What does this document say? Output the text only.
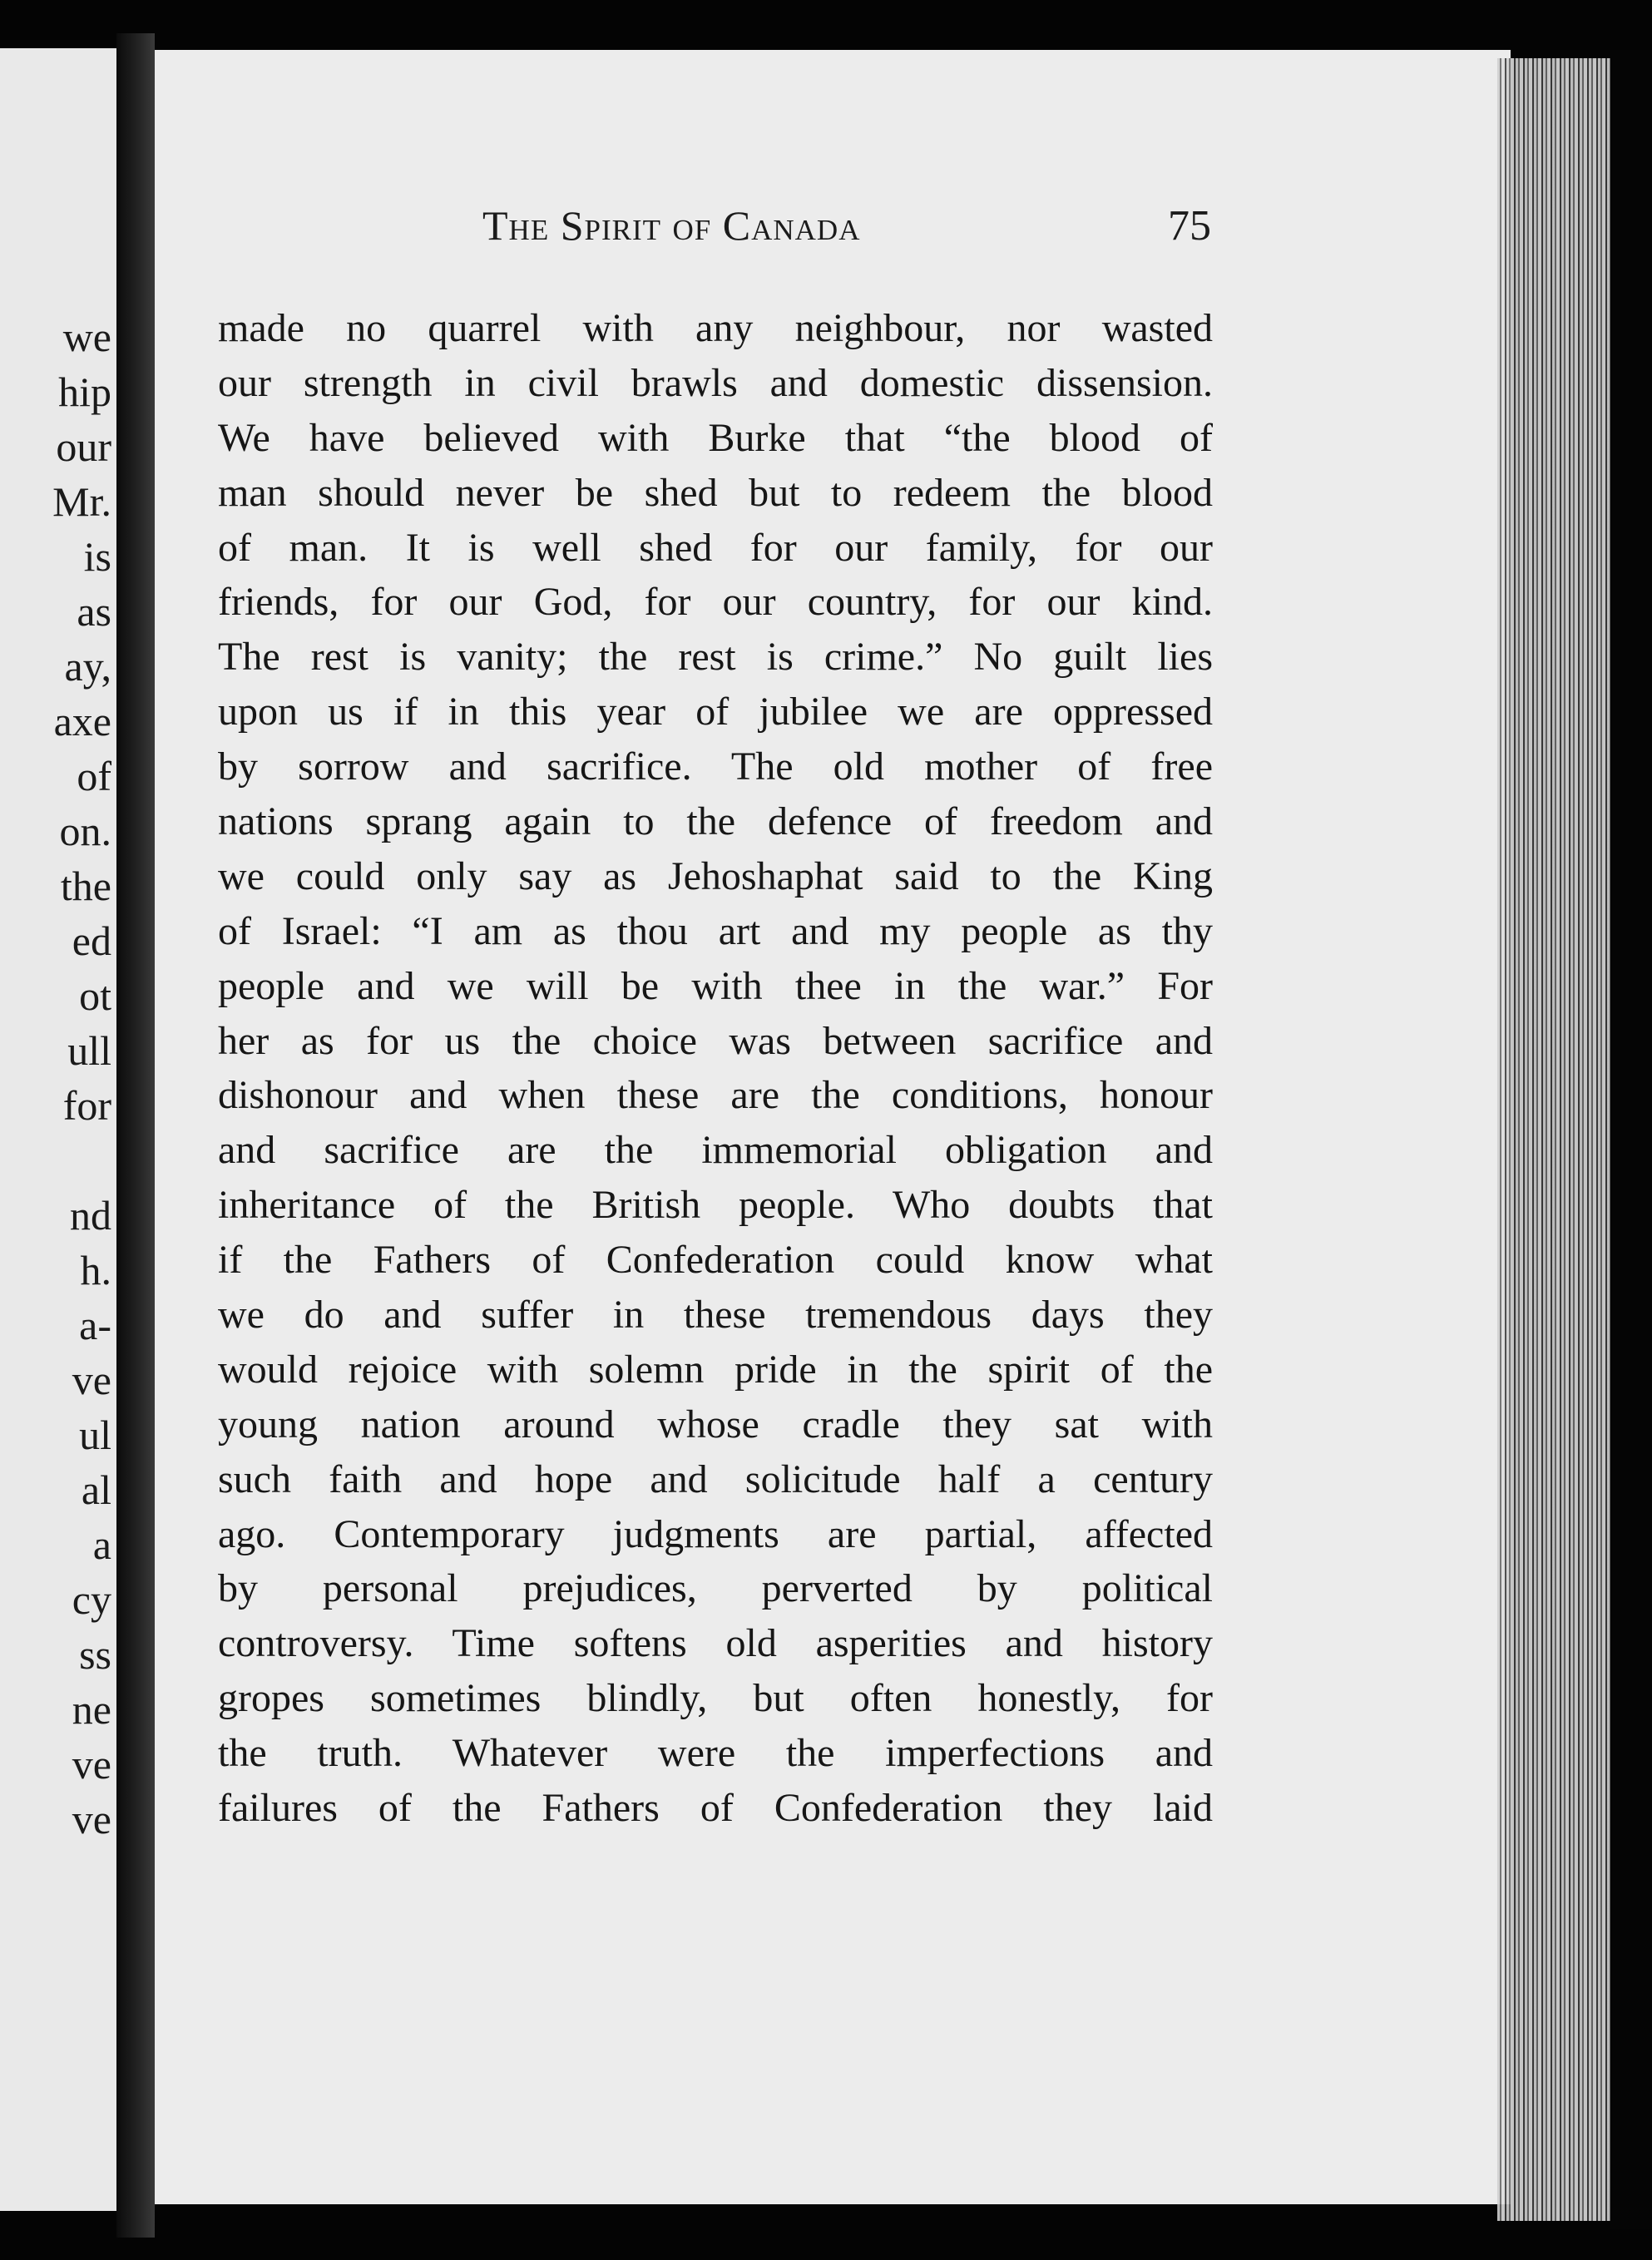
we
hip
our
Mr.
is
as
ay,
axe
of
on.
the
ed
ot
ull
for
nd
h.
a-
ve
ul
al
a
cy
ss
ne
ve
ve
The Spirit of Canada	75
made no quarrel with any neighbour, nor wasted
our strength in civil brawls and domestic dissension.
We have believed with Burke that “the blood of
man should never be shed but to redeem the blood
of man. It is well shed for our family, for our
friends, for our God, for our country, for our kind.
The rest is vanity; the rest is crime.” No guilt lies
upon us if in this year of jubilee we are oppressed
by sorrow and sacrifice. The old mother of free
nations sprang again to the defence of freedom and
we could only say as Jehoshaphat said to the King
of Israel: “I am as thou art and my people as thy
people and we will be with thee in the war.” For
her as for us the choice was between sacrifice and
dishonour and when these are the conditions, honour
and sacrifice are the immemorial obligation and
inheritance of the British people. Who doubts that
if the Fathers of Confederation could know what
we do and suffer in these tremendous days they
would rejoice with solemn pride in the spirit of the
young nation around whose cradle they sat with
such faith and hope and solicitude half a century
ago. Contemporary judgments are partial, affected
by personal prejudices, perverted by political
controversy. Time softens old asperities and history
gropes sometimes blindly, but often honestly, for
the truth. Whatever were the imperfections and
failures of the Fathers of Confederation they laid
